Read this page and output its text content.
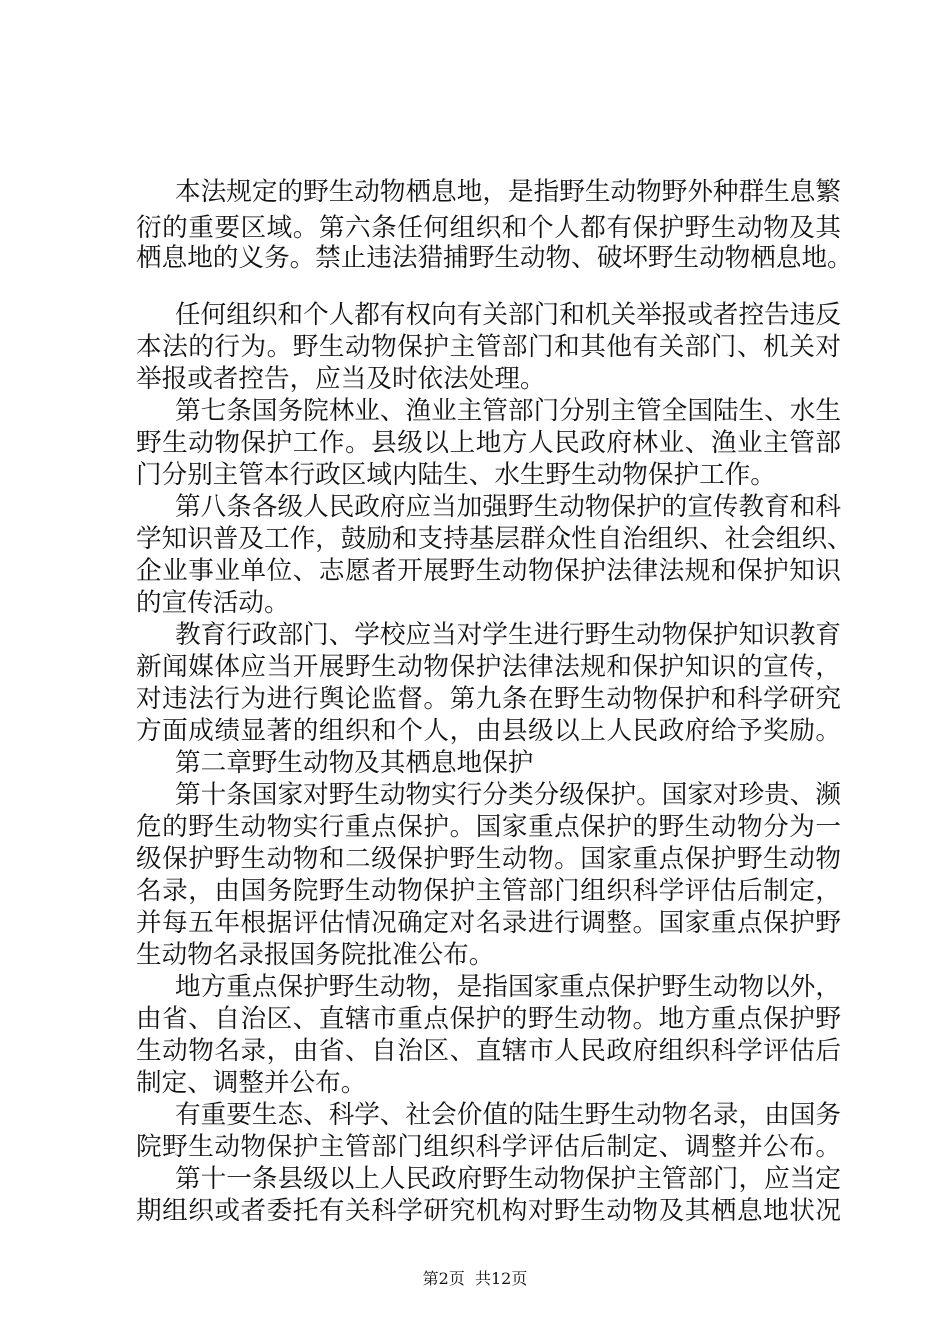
本法规定的野生动物栖息地，是指野生动物野外种群生息繁
衍的重要区域。第六条任何组织和个人都有保护野生动物及其
栖息地的义务。禁止违法猎捕野生动物、破坏野生动物栖息地。
任何组织和个人都有权向有关部门和机关举报或者控告违反
本法的行为。野生动物保护主管部门和其他有关部门、机关对
举报或者控告，应当及时依法处理。
第七条国务院林业、渔业主管部门分别主管全国陆生、水生
野生动物保护工作。县级以上地方人民政府林业、渔业主管部
门分别主管本行政区域内陆生、水生野生动物保护工作。
第八条各级人民政府应当加强野生动物保护的宣传教育和科
学知识普及工作，鼓励和支持基层群众性自治组织、社会组织、
企业事业单位、志愿者开展野生动物保护法律法规和保护知识
的宣传活动。
教育行政部门、学校应当对学生进行野生动物保护知识教育
新闻媒体应当开展野生动物保护法律法规和保护知识的宣传，
对违法行为进行舆论监督。第九条在野生动物保护和科学研究
方面成绩显著的组织和个人，由县级以上人民政府给予奖励。
第二章野生动物及其栖息地保护
第十条国家对野生动物实行分类分级保护。国家对珍贵、濒
危的野生动物实行重点保护。国家重点保护的野生动物分为一
级保护野生动物和二级保护野生动物。国家重点保护野生动物
名录，由国务院野生动物保护主管部门组织科学评估后制定，
并每五年根据评估情况确定对名录进行调整。国家重点保护野
生动物名录报国务院批准公布。
地方重点保护野生动物，是指国家重点保护野生动物以外，
由省、自治区、直辖市重点保护的野生动物。地方重点保护野
生动物名录，由省、自治区、直辖市人民政府组织科学评估后
制定、调整并公布。
有重要生态、科学、社会价值的陆生野生动物名录，由国务
院野生动物保护主管部门组织科学评估后制定、调整并公布。
第十一条县级以上人民政府野生动物保护主管部门，应当定
期组织或者委托有关科学研究机构对野生动物及其栖息地状况
第2页  共12页
